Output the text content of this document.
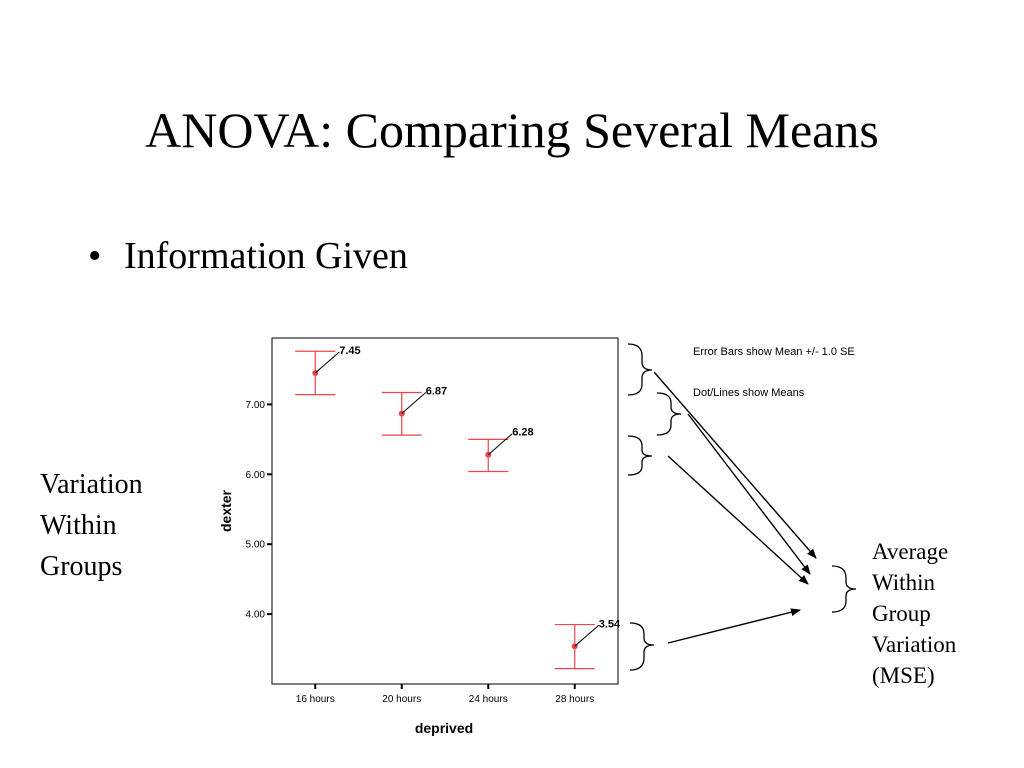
ANOVA: Comparing Several Means
• Information Given
Variation
Within
Groups	Average
Within
Group
Variation
(MSE)
4.00
5.00
6.00
7.00
16 hours	20 hours	24 hours	28 hours
7.45
6.87
6.28
3.54
deprived
dexter
Error Bars show Mean +/- 1.0 SE
Dot/Lines show Means
